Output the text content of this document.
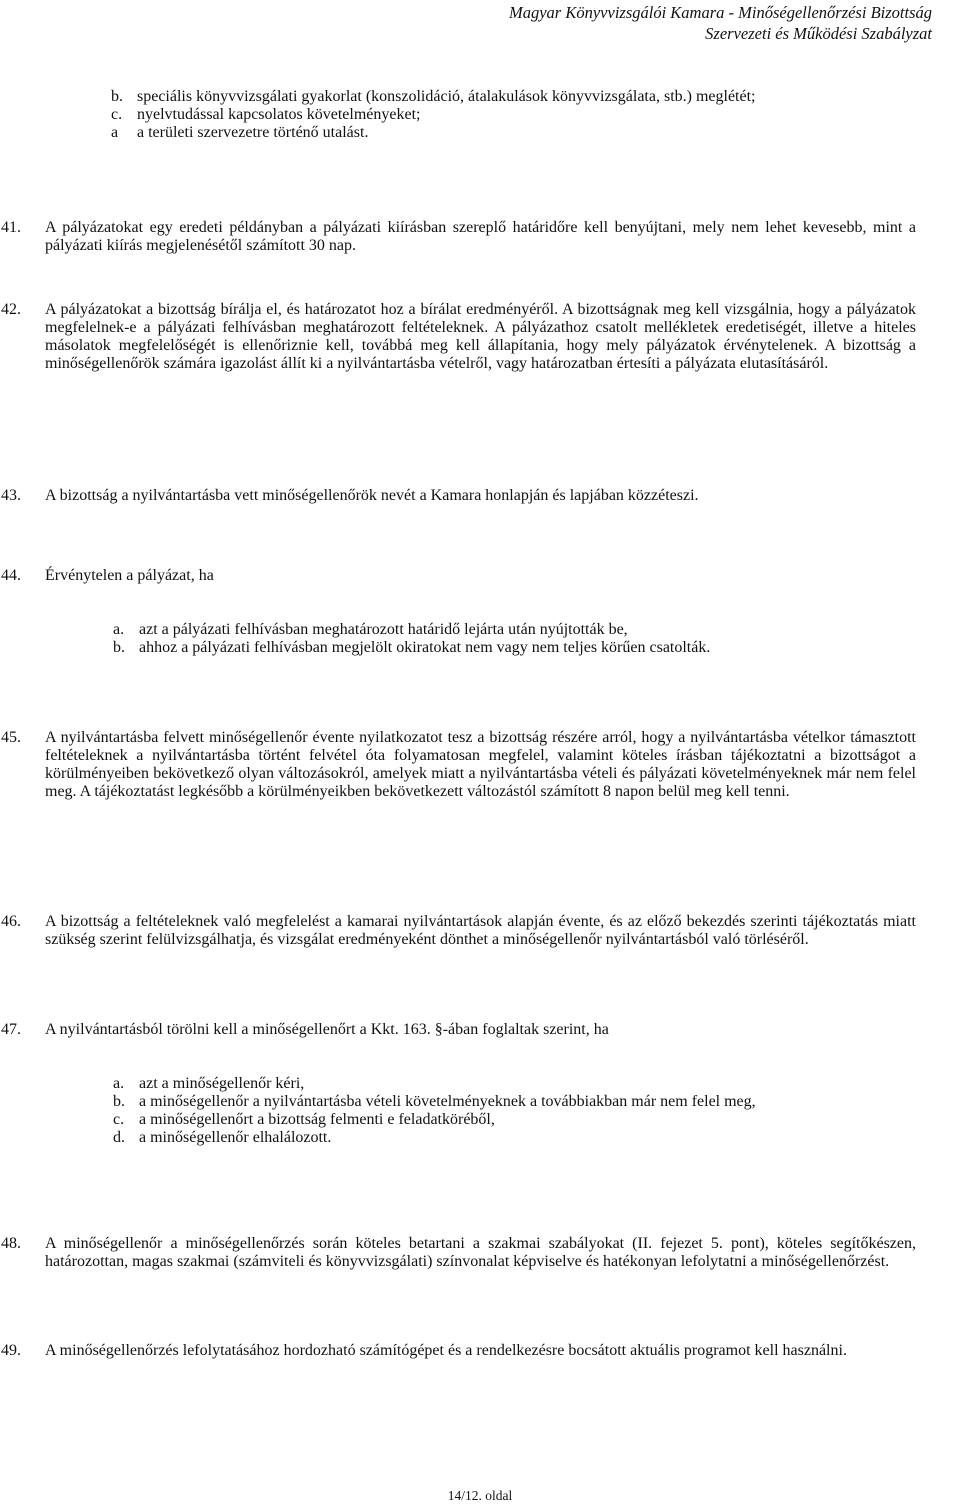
Magyar Könyvvizsgálói Kamara - Minőségellenőrzési Bizottság
Szervezeti és Működési Szabályzat
b. speciális könyvvizsgálati gyakorlat (konszolidáció, átalakulások könyvvizsgálata, stb.) meglétét;
c. nyelvtudással kapcsolatos követelményeket;
a a területi szervezetre történő utalást.
41. A pályázatokat egy eredeti példányban a pályázati kiírásban szereplő határidőre kell benyújtani, mely nem lehet kevesebb, mint a pályázati kiírás megjelenésétől számított 30 nap.
42. A pályázatokat a bizottság bírálja el, és határozatot hoz a bírálat eredményéről. A bizottságnak meg kell vizsgálnia, hogy a pályázatok megfelelnek-e a pályázati felhívásban meghatározott feltételeknek. A pályázathoz csatolt mellékletek eredetiségét, illetve a hiteles másolatok megfelelőségét is ellenőriznie kell, továbbá meg kell állapítania, hogy mely pályázatok érvénytelenek. A bizottság a minőségellenőrök számára igazolást állít ki a nyilvántartásba vételről, vagy határozatban értesíti a pályázata elutasításáról.
43. A bizottság a nyilvántartásba vett minőségellenőrök nevét a Kamara honlapján és lapjában közzéteszi.
44. Érvénytelen a pályázat, ha
a. azt a pályázati felhívásban meghatározott határidő lejárta után nyújtották be,
b. ahhoz a pályázati felhívásban megjelölt okiratokat nem vagy nem teljes körűen csatolták.
45. A nyilvántartásba felvett minőségellenőr évente nyilatkozatot tesz a bizottság részére arról, hogy a nyilvántartásba vételkor támasztott feltételeknek a nyilvántartásba történt felvétel óta folyamatosan megfelel, valamint köteles írásban tájékoztatni a bizottságot a körülményeiben bekövetkező olyan változásokról, amelyek miatt a nyilvántartásba vételi és pályázati követelményeknek már nem felel meg. A tájékoztatást legkésőbb a körülményeikben bekövetkezett változástól számított 8 napon belül meg kell tenni.
46. A bizottság a feltételeknek való megfelelést a kamarai nyilvántartások alapján évente, és az előző bekezdés szerinti tájékoztatás miatt szükség szerint felülvizsgálhatja, és vizsgálat eredményeként dönthet a minőségellenőr nyilvántartásból való törléséről.
47. A nyilvántartásból törölni kell a minőségellenőrt a Kkt. 163. §-ában foglaltak szerint, ha
a. azt a minőségellenőr kéri,
b. a minőségellenőr a nyilvántartásba vételi követelményeknek a továbbiakban már nem felel meg,
c. a minőségellenőrt a bizottság felmenti e feladatköréből,
d. a minőségellenőr elhalálozott.
48. A minőségellenőr a minőségellenőrzés során köteles betartani a szakmai szabályokat (II. fejezet 5. pont), köteles segítőkészen, határozottan, magas szakmai (számviteli és könyvvizsgálati) színvonalat képviselve és hatékonyan lefolytatni a minőségellenőrzést.
49. A minőségellenőrzés lefolytatásához hordozható számítógépet és a rendelkezésre bocsátott aktuális programot kell használni.
14/12. oldal
